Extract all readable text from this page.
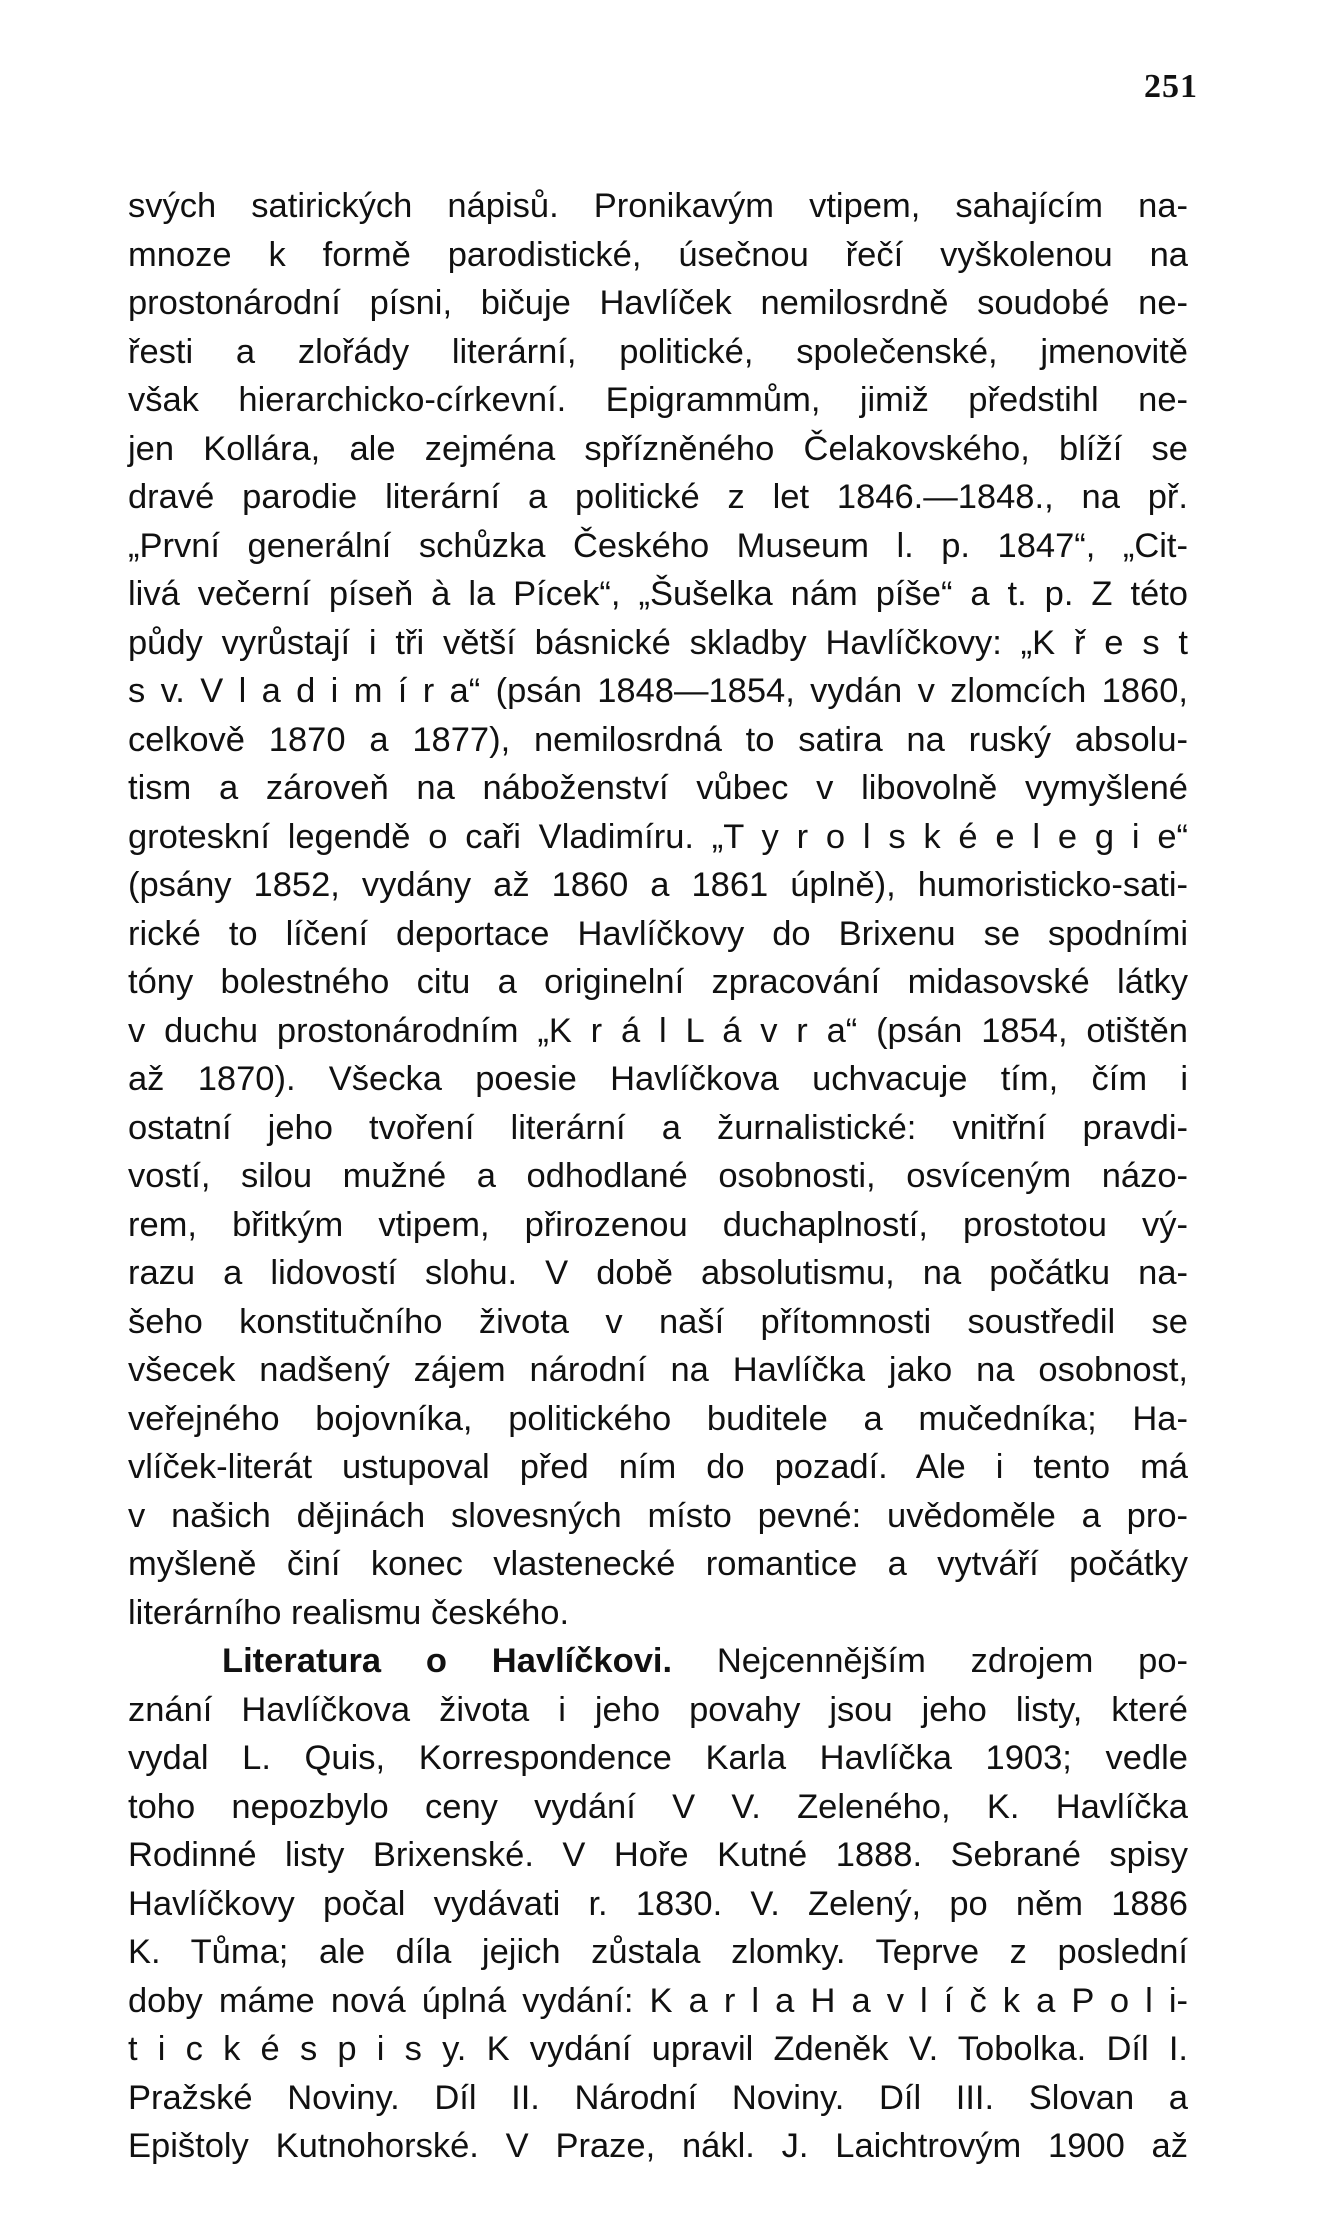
251
svých satirických nápisů. Pronikavým vtipem, sahajícím na-
mnoze k formě parodistické, úsečnou řečí vyškolenou na
prostonárodní písni, bičuje Havlíček nemilosrdně soudobé ne-
řesti a zlořády literární, politické, společenské, jmenovitě
však hierarchicko-církevní. Epigrammům, jimiž předstihl ne-
jen Kollára, ale zejména spřízněného Čelakovského, blíží se
dravé parodie literární a politické z let 1846.—1848., na př.
„První generální schůzka Českého Museum l. p. 1847“, „Cit-
livá večerní píseň à la Pícek“, „Šušelka nám píše“ a t. p. Z této
půdy vyrůstají i tři větší básnické skladby Havlíčkovy: „K ř e s t
s v. V l a d i m í r a“ (psán 1848—1854, vydán v zlomcích 1860,
celkově 1870 a 1877), nemilosrdná to satira na ruský absolu-
tism a zároveň na náboženství vůbec v libovolně vymyšlené
groteskní legendě o caři Vladimíru. „T y r o l s k é e l e g i e“
(psány 1852, vydány až 1860 a 1861 úplně), humoristicko-sati-
rické to líčení deportace Havlíčkovy do Brixenu se spodními
tóny bolestného citu a originelní zpracování midasovské látky
v duchu prostonárodním „K r á l L á v r a“ (psán 1854, otištěn
až 1870). Všecka poesie Havlíčkova uchvacuje tím, čím i
ostatní jeho tvoření literární a žurnalistické: vnitřní pravdi-
vostí, silou mužné a odhodlané osobnosti, osvíceným názo-
rem, břitkým vtipem, přirozenou duchaplností, prostotou vý-
razu a lidovostí slohu. V době absolutismu, na počátku na-
šeho konstitučního života v naší přítomnosti soustředil se
všecek nadšený zájem národní na Havlíčka jako na osobnost,
veřejného bojovníka, politického buditele a mučedníka; Ha-
vlíček-literát ustupoval před ním do pozadí. Ale i tento má
v našich dějinách slovesných místo pevné: uvědoměle a pro-
myšleně činí konec vlastenecké romantice a vytváří počátky
literárního realismu českého.
Literatura o Havlíčkovi. Nejcennějším zdrojem po-
znání Havlíčkova života i jeho povahy jsou jeho listy, které
vydal L. Quis, Korrespondence Karla Havlíčka 1903; vedle
toho nepozbylo ceny vydání V V. Zeleného, K. Havlíčka
Rodinné listy Brixenské. V Hoře Kutné 1888. Sebrané spisy
Havlíčkovy počal vydávati r. 1830. V. Zelený, po něm 1886
K. Tůma; ale díla jejich zůstala zlomky. Teprve z poslední
doby máme nová úplná vydání: K a r l a H a v l í č k a P o l i-
t i c k é s p i s y. K vydání upravil Zdeněk V. Tobolka. Díl I.
Pražské Noviny. Díl II. Národní Noviny. Díl III. Slovan a
Epištoly Kutnohorské. V Praze, nákl. J. Laichtrovým 1900 až
